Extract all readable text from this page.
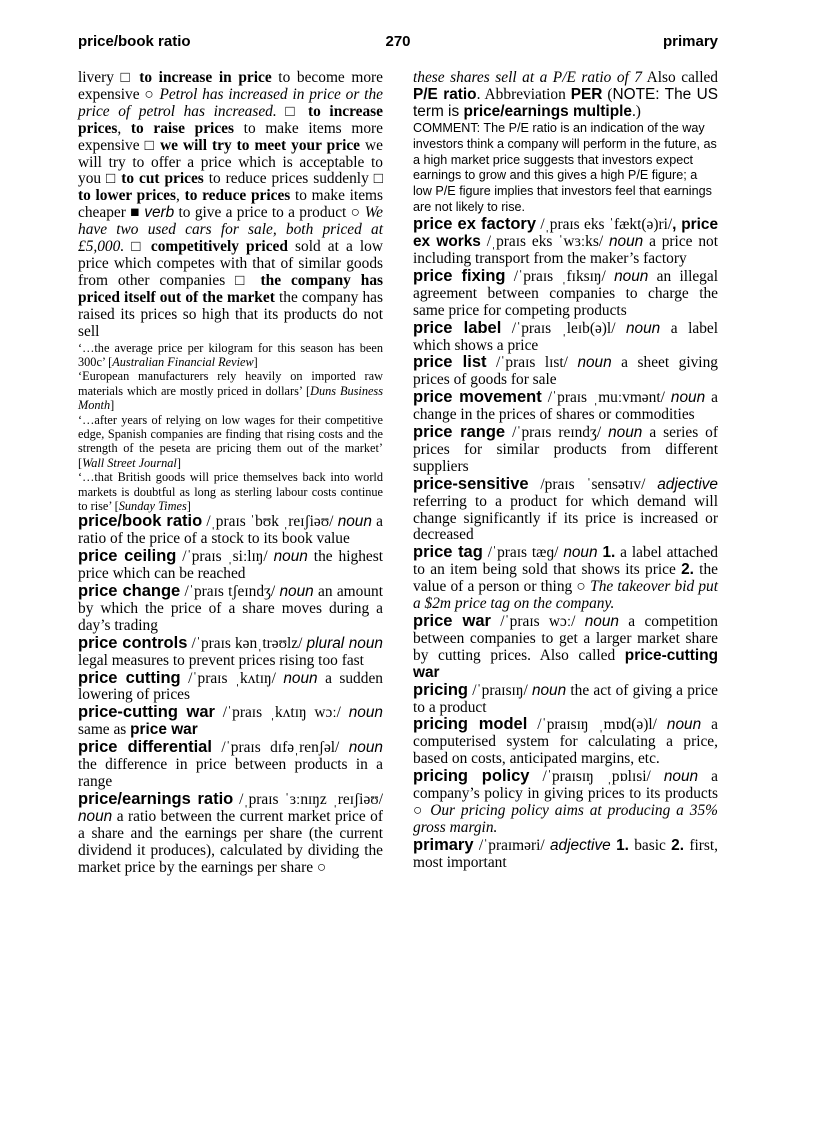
price/book ratio	270	primary

livery □ to increase in price to become more expensive ○ Petrol has increased in price or the price of petrol has increased. □ to increase prices, to raise prices to make items more expensive □ we will try to meet your price we will try to offer a price which is acceptable to you □ to cut prices to reduce prices suddenly □ to lower prices, to reduce prices to make items cheaper ■ verb to give a price to a product ○ We have two used cars for sale, both priced at £5,000. □ competitively priced sold at a low price which competes with that of similar goods from other companies □ the company has priced itself out of the market the company has raised its prices so high that its products do not sell

‘…the average price per kilogram for this season has been 300c’ [Australian Financial Review]

‘European manufacturers rely heavily on imported raw materials which are mostly priced in dollars’ [Duns Business Month]

‘…after years of relying on low wages for their competitive edge, Spanish companies are finding that rising costs and the strength of the peseta are pricing them out of the market’ [Wall Street Journal]

‘…that British goods will price themselves back into world markets is doubtful as long as sterling labour costs continue to rise’ [Sunday Times]

price/book ratio /ˌpraɪs ˈbʊk ˌreɪʃiəʊ/ noun a ratio of the price of a stock to its book value

price ceiling /ˈpraɪs ˌsiːlɪŋ/ noun the highest price which can be reached

price change /ˈpraɪs tʃeɪndʒ/ noun an amount by which the price of a share moves during a day’s trading

price controls /ˈpraɪs kənˌtrəʊlz/ plural noun legal measures to prevent prices rising too fast

price cutting /ˈpraɪs ˌkʌtɪŋ/ noun a sudden lowering of prices

price-cutting war /ˈpraɪs ˌkʌtɪŋ wɔː/ noun same as price war

price differential /ˈpraɪs dɪfəˌrenʃəl/ noun the difference in price between products in a range

price/earnings ratio /ˌpraɪs ˈɜːnɪŋz ˌreɪʃiəʊ/ noun a ratio between the current market price of a share and the earnings per share (the current dividend it produces), calculated by dividing the market price by the earnings per share ○

these shares sell at a P/E ratio of 7 Also called P/E ratio. Abbreviation PER (NOTE: The US term is price/earnings multiple.)

COMMENT: The P/E ratio is an indication of the way investors think a company will perform in the future, as a high market price suggests that investors expect earnings to grow and this gives a high P/E figure; a low P/E figure implies that investors feel that earnings are not likely to rise.

price ex factory /ˌpraɪs eks ˈfækt(ə)ri/, price ex works /ˌpraɪs eks ˈwɜːks/ noun a price not including transport from the maker’s factory

price fixing /ˈpraɪs ˌfɪksɪŋ/ noun an illegal agreement between companies to charge the same price for competing products

price label /ˈpraɪs ˌleɪb(ə)l/ noun a label which shows a price

price list /ˈpraɪs lɪst/ noun a sheet giving prices of goods for sale

price movement /ˈpraɪs ˌmuːvmənt/ noun a change in the prices of shares or commodities

price range /ˈpraɪs reɪndʒ/ noun a series of prices for similar products from different suppliers

price-sensitive /praɪs ˈsensətɪv/ adjective referring to a product for which demand will change significantly if its price is increased or decreased

price tag /ˈpraɪs tæɡ/ noun 1. a label attached to an item being sold that shows its price 2. the value of a person or thing ○ The takeover bid put a $2m price tag on the company.

price war /ˈpraɪs wɔː/ noun a competition between companies to get a larger market share by cutting prices. Also called price-cutting war

pricing /ˈpraɪsɪŋ/ noun the act of giving a price to a product

pricing model /ˈpraɪsɪŋ ˌmɒd(ə)l/ noun a computerised system for calculating a price, based on costs, anticipated margins, etc.

pricing policy /ˈpraɪsɪŋ ˌpɒlɪsi/ noun a company’s policy in giving prices to its products ○ Our pricing policy aims at producing a 35% gross margin.

primary /ˈpraɪməri/ adjective 1. basic 2. first, most important
